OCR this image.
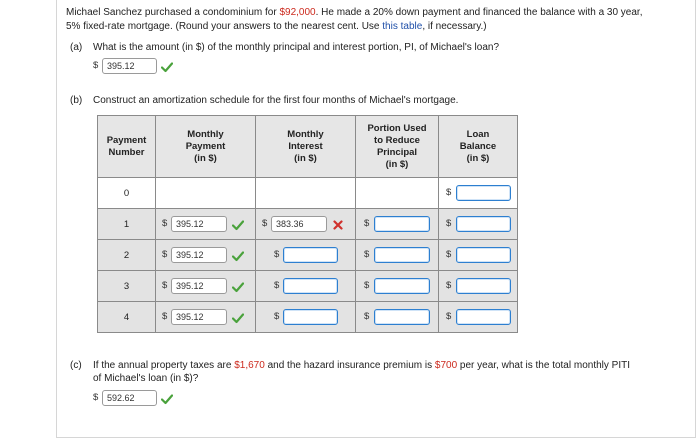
Michael Sanchez purchased a condominium for $92,000. He made a 20% down payment and financed the balance with a 30 year,
5% fixed-rate mortgage. (Round your answers to the nearest cent. Use this table, if necessary.)
(a) What is the amount (in $) of the monthly principal and interest portion, PI, of Michael's loan?
$ 395.12
(b) Construct an amortization schedule for the first four months of Michael's mortgage.
Payment
Number	Monthly
Payment
(in $)	Monthly
Interest
(in $)	Portion Used
to Reduce
Principal
(in $)	Loan
Balance
(in $)
0				$

1	$ 395.12	$ 383.36	$	$

2	$ 395.12	$	$	$

3	$ 395.12	$	$	$

4	$ 395.12	$	$	$
(c) If the annual property taxes are $1,670 and the hazard insurance premium is $700 per year, what is the total monthly PITI
of Michael's loan (in $)?
$ 592.62
